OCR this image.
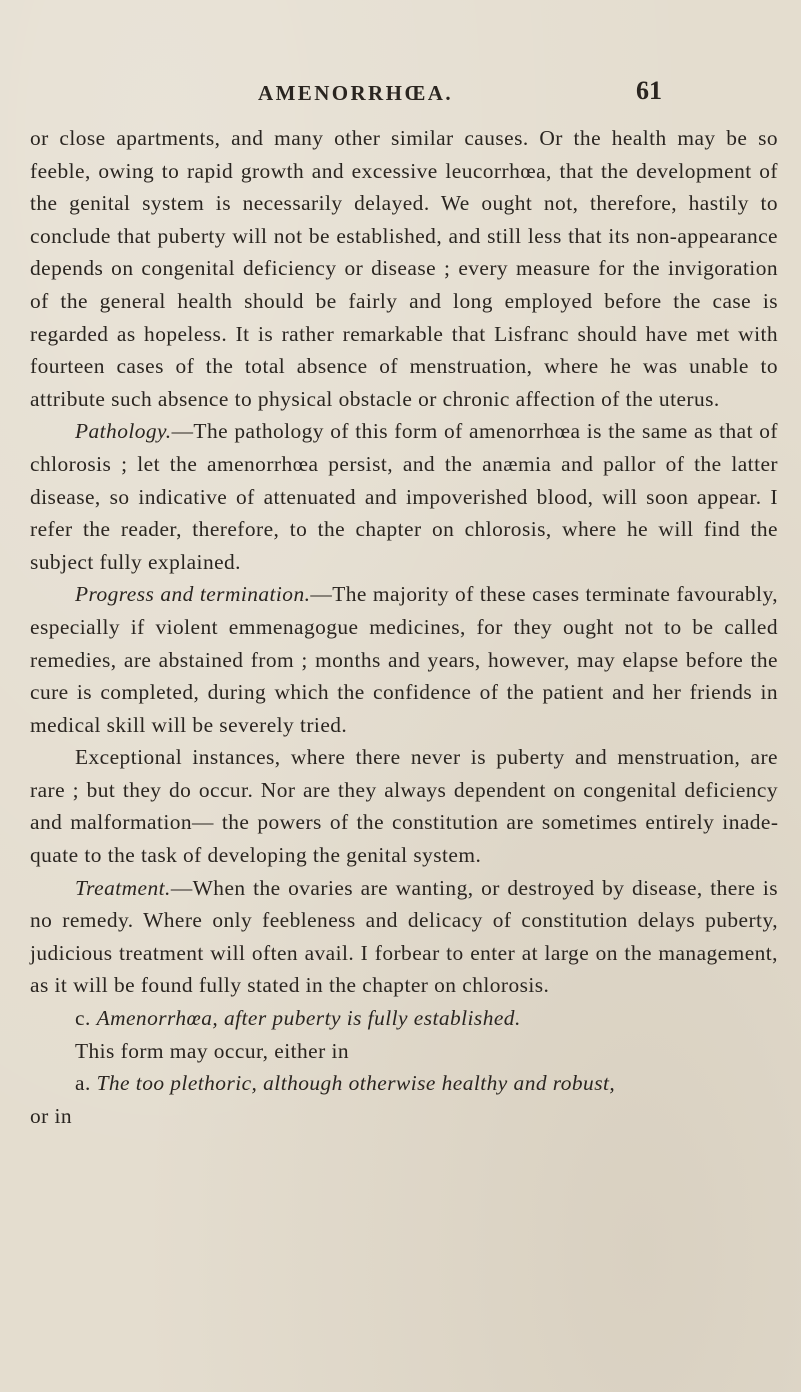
AMENORRHŒA.	61

or close apartments, and many other similar causes. Or the health may be so feeble, owing to rapid growth and excessive leucorrhœa, that the development of the genital system is necessarily delayed. We ought not, therefore, hastily to conclude that puberty will not be established, and still less that its non-appearance depends on congenital deficiency or disease ; every measure for the invigoration of the general health should be fairly and long employed before the case is regarded as hopeless. It is rather remarkable that Lisfranc should have met with fourteen cases of the total absence of menstruation, where he was unable to attribute such absence to physical obstacle or chronic affection of the uterus.

Pathology.—The pathology of this form of amenorrhœa is the same as that of chlorosis ; let the amenorrhœa persist, and the anæmia and pallor of the latter disease, so indicative of attenuated and impoverished blood, will soon appear. I refer the reader, therefore, to the chapter on chlorosis, where he will find the subject fully explained.

Progress and termination.—The majority of these cases terminate favourably, especially if violent emmenagogue medicines, for they ought not to be called remedies, are abstained from ; months and years, however, may elapse before the cure is completed, during which the confidence of the patient and her friends in medical skill will be severely tried.

Exceptional instances, where there never is puberty and menstruation, are rare ; but they do occur. Nor are they always dependent on congenital deficiency and malformation— the powers of the constitution are sometimes entirely inadequate to the task of developing the genital system.

Treatment.—When the ovaries are wanting, or destroyed by disease, there is no remedy. Where only feebleness and delicacy of constitution delays puberty, judicious treatment will often avail. I forbear to enter at large on the management, as it will be found fully stated in the chapter on chlorosis.

c. Amenorrhœa, after puberty is fully established.

This form may occur, either in

a. The too plethoric, although otherwise healthy and robust,

or in
